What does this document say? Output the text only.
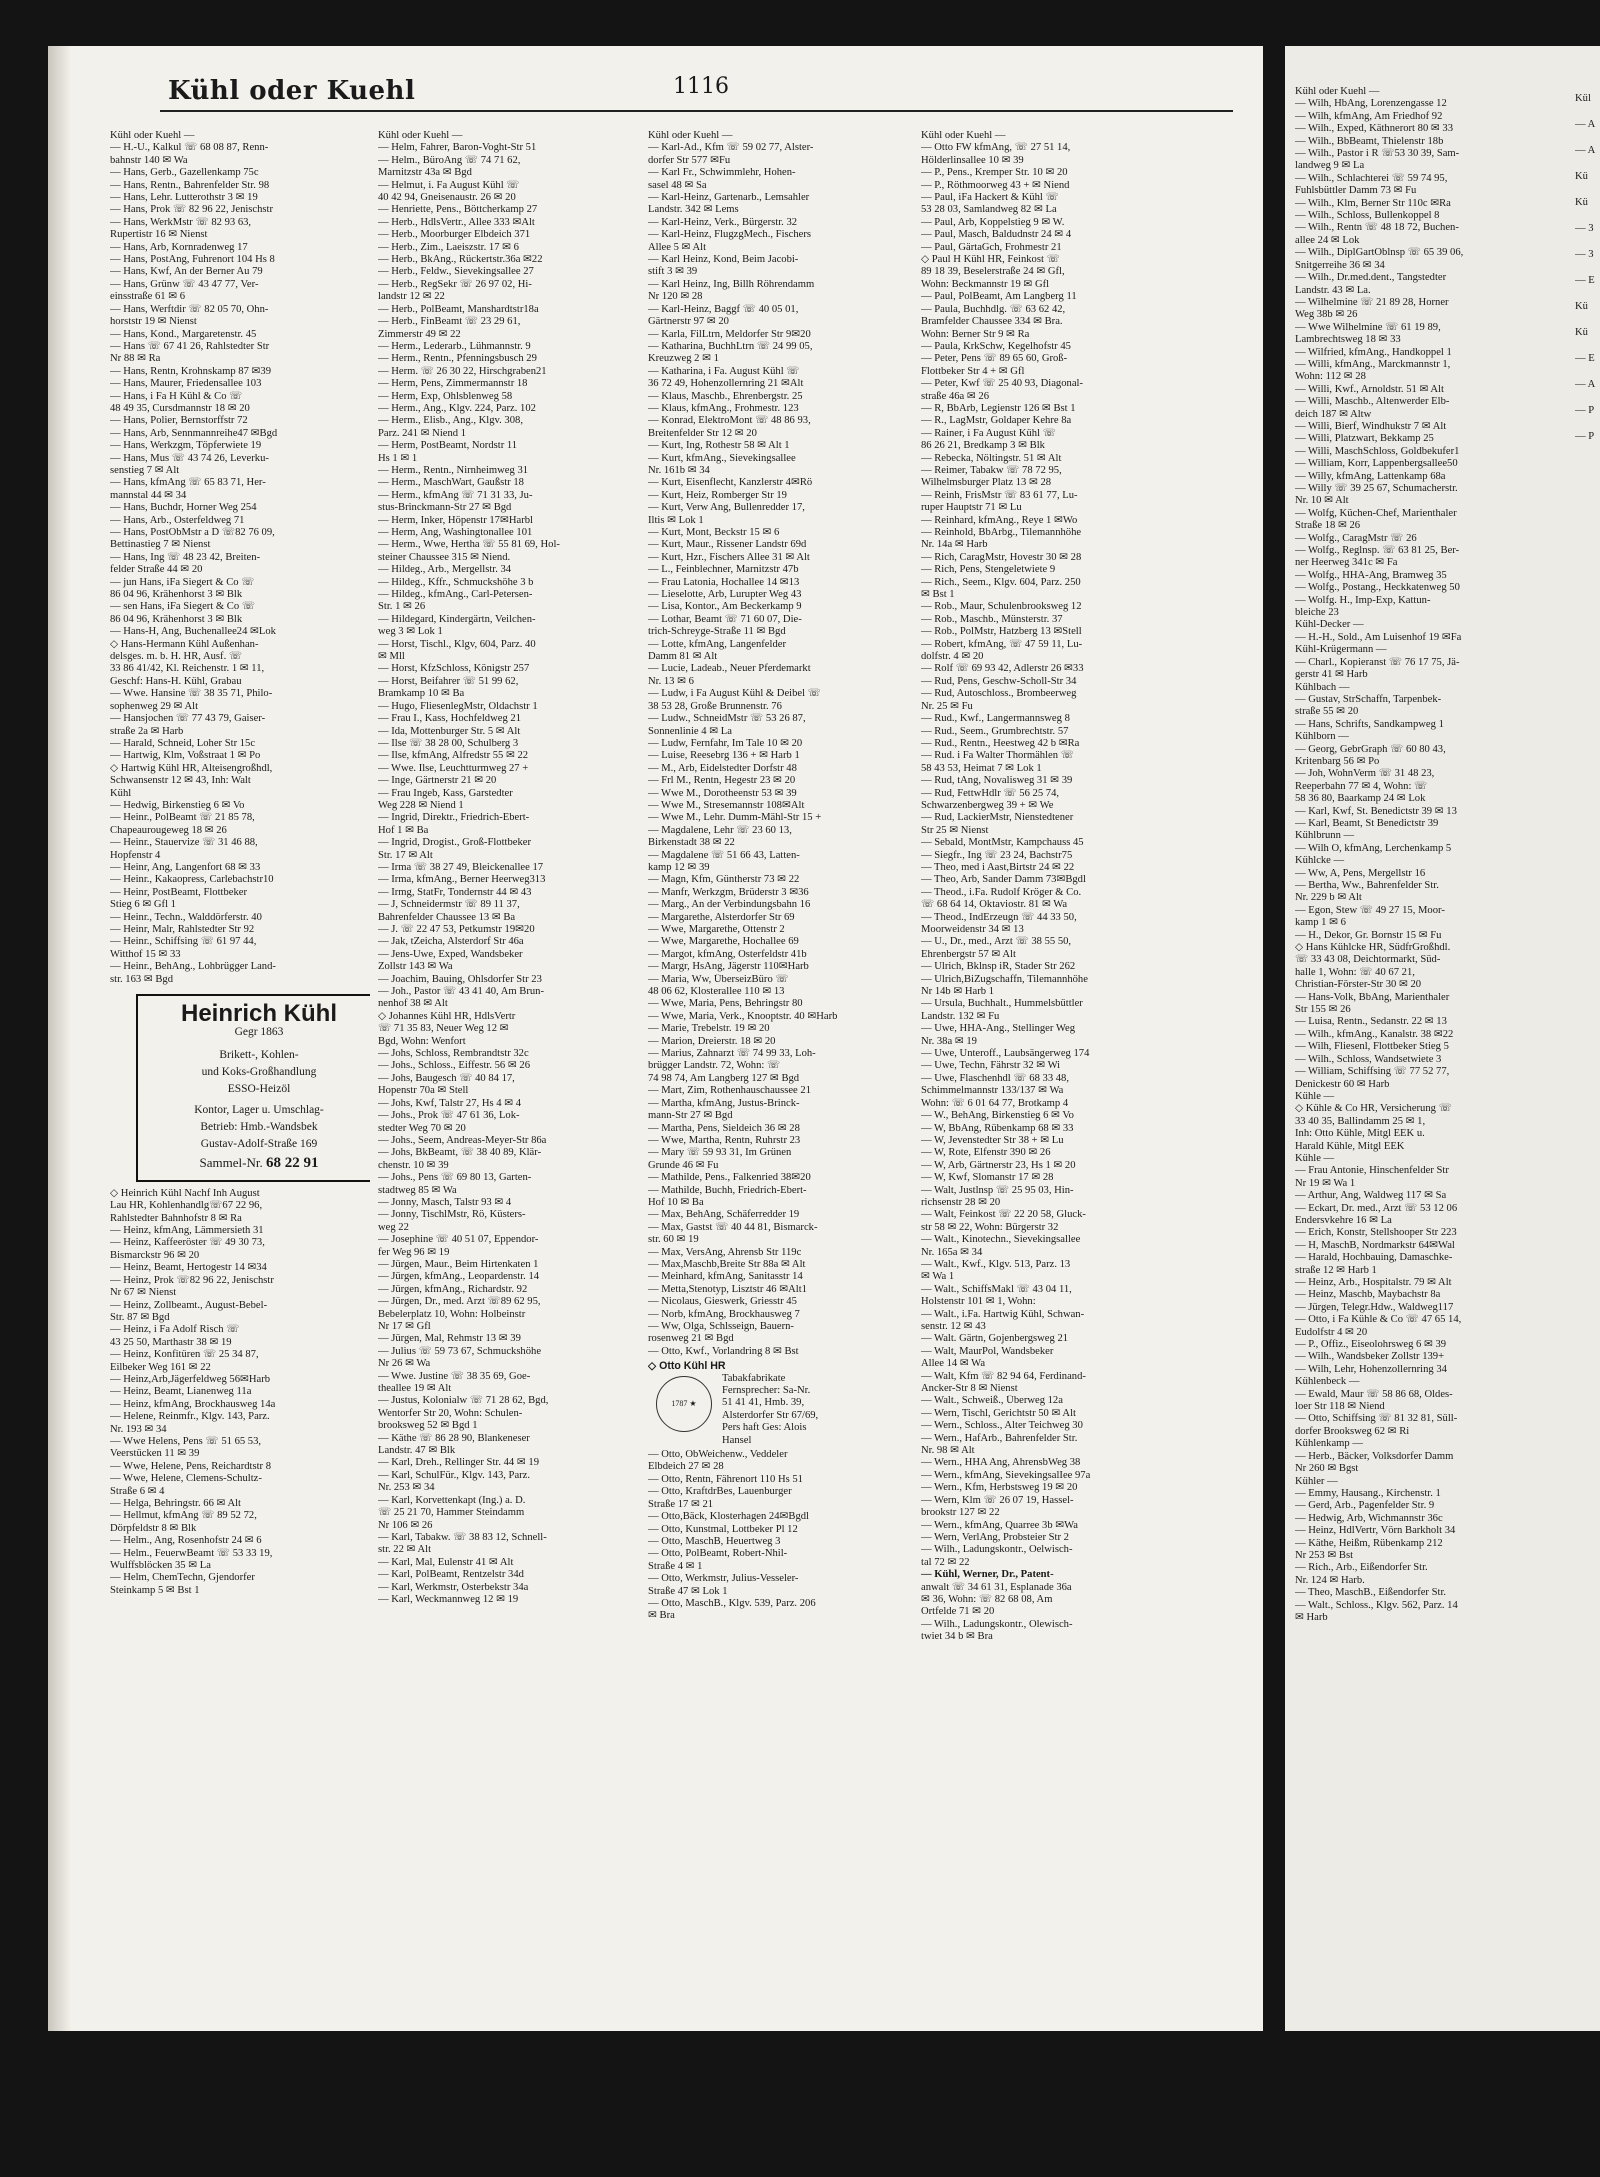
Kühl oder Kuehl	1116
Kühl oder Kuehl —
— H.-U., Kalkul ☏ 68 08 87, Renn-
bahnstr 140 ✉ Wa
— Hans, Gerb., Gazellenkamp 75c
— Hans, Rentn., Bahrenfelder Str. 98
— Hans, Lehr. Lutterothstr 3 ✉ 19
— Hans, Prok ☏ 82 96 22, Jenischstr
— Hans, WerkMstr ☏ 82 93 63,
Rupertistr 16 ✉ Nienst
— Hans, Arb, Kornradenweg 17
— Hans, PostAng, Fuhrenort 104 Hs 8
— Hans, Kwf, An der Berner Au 79
— Hans, Grünw ☏ 43 47 77, Ver-
einsstraße 61 ✉ 6
— Hans, Werftdir ☏ 82 05 70, Ohn-
horststr 19 ✉ Nienst
— Hans, Kond., Margaretenstr. 45
— Hans ☏ 67 41 26, Rahlstedter Str
Nr 88 ✉ Ra
— Hans, Rentn, Krohnskamp 87 ✉39
— Hans, Maurer, Friedensallee 103
— Hans, i Fa H Kühl & Co ☏
48 49 35, Cursdmannstr 18 ✉ 20
— Hans, Polier, Bernstorffstr 72
— Hans, Arb, Sennmannreihe47 ✉Bgd
— Hans, Werkzgm, Töpferwiete 19
— Hans, Mus ☏ 43 74 26, Leverku-
senstieg 7 ✉ Alt
— Hans, kfmAng ☏ 65 83 71, Her-
mannstal 44 ✉ 34
— Hans, Buchdr, Horner Weg 254
— Hans, Arb., Osterfeldweg 71
— Hans, PostObMstr a D ☏82 76 09,
Bettinastieg 7 ✉ Nienst
— Hans, Ing ☏ 48 23 42, Breiten-
felder Straße 44 ✉ 20
— jun Hans, iFa Siegert & Co ☏
86 04 96, Krähenhorst 3 ✉ Blk
— sen Hans, iFa Siegert & Co ☏
86 04 96, Krähenhorst 3 ✉ Blk
— Hans-H, Ang, Buchenallee24 ✉Lok
◇ Hans-Hermann Kühl Außenhan-
delsges. m. b. H. HR, Ausf. ☏
33 86 41/42, Kl. Reichenstr. 1 ✉ 11,
Geschf: Hans-H. Kühl, Grabau
— Wwe. Hansine ☏ 38 35 71, Philo-
sophenweg 29 ✉ Alt
— Hansjochen ☏ 77 43 79, Gaiser-
straße 2a ✉ Harb
— Harald, Schneid, Loher Str 15c
— Hartwig, Klm, Voßstraat 1 ✉ Po
◇ Hartwig Kühl HR, Alteisengroßhdl,
Schwansenstr 12 ✉ 43, Inh: Walt
Kühl
— Hedwig, Birkenstieg 6 ✉ Vo
— Heinr., PolBeamt ☏ 21 85 78,
Chapeaurougeweg 18 ✉ 26
— Heinr., Stauervize ☏ 31 46 88,
Hopfenstr 4
— Heinr, Ang, Langenfort 68 ✉ 33
— Heinr., Kakaopress, Carlebachstr10
— Heinr, PostBeamt, Flottbeker
Stieg 6 ✉ Gfl 1
— Heinr., Techn., Walddörferstr. 40
— Heinr, Malr, Rahlstedter Str 92
— Heinr., Schiffsing ☏ 61 97 44,
Witthof 15 ✉ 33
— Heinr., BehAng., Lohbrügger Land-
str. 163 ✉ Bgd
Heinrich Kühl
Gegr 1863
Brikett-, Kohlen-
und Koks-Großhandlung
ESSO-Heizöl
Kontor, Lager u. Umschlag-
Betrieb: Hmb.-Wandsbek
Gustav-Adolf-Straße 169
Sammel-Nr. 68 22 91
◇ Heinrich Kühl Nachf Inh August
Lau HR, Kohlenhandlg☏67 22 96,
Rahlstedter Bahnhofstr 8 ✉ Ra
— Heinz, kfmAng, Lämmersieth 31
— Heinz, Kaffeeröster ☏ 49 30 73,
Bismarckstr 96 ✉ 20
— Heinz, Beamt, Hertogestr 14 ✉34
— Heinz, Prok ☏82 96 22, Jenischstr
Nr 67 ✉ Nienst
— Heinz, Zollbeamt., August-Bebel-
Str. 87 ✉ Bgd
— Heinz, i Fa Adolf Risch ☏
43 25 50, Marthastr 38 ✉ 19
— Heinz, Konfitüren ☏ 25 34 87,
Eilbeker Weg 161 ✉ 22
— Heinz,Arb,Jägerfeldweg 56✉Harb
— Heinz, Beamt, Lianenweg 11a
— Heinz, kfmAng, Brockhausweg 14a
— Helene, Reinmfr., Klgv. 143, Parz.
Nr. 193 ✉ 34
— Wwe Helens, Pens ☏ 51 65 53,
Veerstücken 11 ✉ 39
— Wwe, Helene, Pens, Reichardtstr 8
— Wwe, Helene, Clemens-Schultz-
Straße 6 ✉ 4
— Helga, Behringstr. 66 ✉ Alt
— Hellmut, kfmAng ☏ 89 52 72,
Dörpfeldstr 8 ✉ Blk
— Helm., Ang, Rosenhofstr 24 ✉ 6
— Helm., FeuerwBeamt ☏ 53 33 19,
Wulffsblöcken 35 ✉ La
— Helm, ChemTechn, Gjendorfer
Steinkamp 5 ✉ Bst 1
Kühl oder Kuehl —
— Helm, Fahrer, Baron-Voght-Str 51
— Helm., BüroAng ☏ 74 71 62,
Marnitzstr 43a ✉ Bgd
— Helmut, i. Fa August Kühl ☏
40 42 94, Gneisenaustr. 26 ✉ 20
— Henriette, Pens., Böttcherkamp 27
— Herb., HdlsVertr., Allee 333 ✉Alt
— Herb., Moorburger Elbdeich 371
— Herb., Zim., Laeiszstr. 17 ✉ 6
— Herb., BkAng., Rückertstr.36a ✉22
— Herb., Feldw., Sievekingsallee 27
— Herb., RegSekr ☏ 26 97 02, Hi-
landstr 12 ✉ 22
— Herb., PolBeamt, Manshardtstr18a
— Herb., FinBeamt ☏ 23 29 61,
Zimmerstr 49 ✉ 22
— Herm., Lederarb., Lühmannstr. 9
— Herm., Rentn., Pfenningsbusch 29
— Herm. ☏ 26 30 22, Hirschgraben21
— Herm, Pens, Zimmermannstr 18
— Herm, Exp, Ohlsblenweg 58
— Herm., Ang., Klgv. 224, Parz. 102
— Herm., Elisb., Ang., Klgv. 308,
Parz. 241 ✉ Niend 1
— Herm, PostBeamt, Nordstr 11
Hs 1 ✉ 1
— Herm., Rentn., Nirnheimweg 31
— Herm., MaschWart, Gaußstr 18
— Herm., kfmAng ☏ 71 31 33, Ju-
stus-Brinckmann-Str 27 ✉ Bgd
— Herm, Inker, Höpenstr 17✉Harbl
— Herm, Ang, Washingtonallee 101
— Herm., Wwe, Hertha ☏ 55 81 69, Hol-
steiner Chaussee 315 ✉ Niend.
— Hildeg., Arb., Mergellstr. 34
— Hildeg., Kffr., Schmuckshöhe 3 b
— Hildeg., kfmAng., Carl-Petersen-
Str. 1 ✉ 26
— Hildegard, Kindergärtn, Veilchen-
weg 3 ✉ Lok 1
— Horst, Tischl., Klgv, 604, Parz. 40
✉ Mll
— Horst, KfzSchloss, Königstr 257
— Horst, Beifahrer ☏ 51 99 62,
Bramkamp 10 ✉ Ba
— Hugo, FliesenlegMstr, Oldachstr 1
— Frau I., Kass, Hochfeldweg 21
— Ida, Mottenburger Str. 5 ✉ Alt
— Ilse ☏ 38 28 00, Schulberg 3
— Ilse, kfmAng, Alfredstr 55 ✉ 22
— Wwe. Ilse, Leuchtturmweg 27 +
— Inge, Gärtnerstr 21 ✉ 20
— Frau Ingeb, Kass, Garstedter
Weg 228 ✉ Niend 1
— Ingrid, Direktr., Friedrich-Ebert-
Hof 1 ✉ Ba
— Ingrid, Drogist., Groß-Flottbeker
Str. 17 ✉ Alt
— Irma ☏ 38 27 49, Bleickenallee 17
— Irma, kfmAng., Berner Heerweg313
— Irmg, StatFr, Tondernstr 44 ✉ 43
— J, Schneidermstr ☏ 89 11 37,
Bahrenfelder Chaussee 13 ✉ Ba
— J. ☏ 22 47 53, Petkumstr 19✉20
— Jak, tZeicha, Alsterdorf Str 46a
— Jens-Uwe, Exped, Wandsbeker
Zollstr 143 ✉ Wa
— Joachim, Bauing, Ohlsdorfer Str 23
— Joh., Pastor ☏ 43 41 40, Am Brun-
nenhof 38 ✉ Alt
◇ Johannes Kühl HR, HdlsVertr
☏ 71 35 83, Neuer Weg 12 ✉
Bgd, Wohn: Wenfort
— Johs, Schloss, Rembrandtstr 32c
— Johs., Schloss., Eiffestr. 56 ✉ 26
— Johs, Baugesch ☏ 40 84 17,
Hopenstr 70a ✉ Stell
— Johs, Kwf, Talstr 27, Hs 4 ✉ 4
— Johs., Prok ☏ 47 61 36, Lok-
stedter Weg 70 ✉ 20
— Johs., Seem, Andreas-Meyer-Str 86a
— Johs, BkBeamt, ☏ 38 40 89, Klär-
chenstr. 10 ✉ 39
— Johs., Pens ☏ 69 80 13, Garten-
stadtweg 85 ✉ Wa
— Jonny, Masch, Talstr 93 ✉ 4
— Jonny, TischlMstr, Rö, Küsters-
weg 22
— Josephine ☏ 40 51 07, Eppendor-
fer Weg 96 ✉ 19
— Jürgen, Maur., Beim Hirtenkaten 1
— Jürgen, kfmAng., Leopardenstr. 14
— Jürgen, kfmAng., Richardstr. 92
— Jürgen, Dr., med. Arzt ☏89 62 95,
Bebelerplatz 10, Wohn: Holbeinstr
Nr 17 ✉ Gfl
— Jürgen, Mal, Rehmstr 13 ✉ 39
— Julius ☏ 59 73 67, Schmuckshöhe
Nr 26 ✉ Wa
— Wwe. Justine ☏ 38 35 69, Goe-
theallee 19 ✉ Alt
— Justus, Kolonialw ☏ 71 28 62, Bgd,
Wentorfer Str 20, Wohn: Schulen-
brooksweg 52 ✉ Bgd 1
— Käthe ☏ 86 28 90, Blankeneser
Landstr. 47 ✉ Blk
— Karl, Dreh., Rellinger Str. 44 ✉ 19
— Karl, SchulFür., Klgv. 143, Parz.
Nr. 253 ✉ 34
— Karl, Korvettenkapt (Ing.) a. D.
☏ 25 21 70, Hammer Steindamm
Nr 106 ✉ 26
— Karl, Tabakw. ☏ 38 83 12, Schnell-
str. 22 ✉ Alt
— Karl, Mal, Eulenstr 41 ✉ Alt
— Karl, PolBeamt, Rentzelstr 34d
— Karl, Werkmstr, Osterbekstr 34a
— Karl, Weckmannweg 12 ✉ 19
Kühl oder Kuehl —
— Karl-Ad., Kfm ☏ 59 02 77, Alster-
dorfer Str 577 ✉Fu
— Karl Fr., Schwimmlehr, Hohen-
sasel 48 ✉ Sa
— Karl-Heinz, Gartenarb., Lemsahler
Landstr. 342 ✉ Lems
— Karl-Heinz, Verk., Bürgerstr. 32
— Karl-Heinz, FlugzgMech., Fischers
Allee 5 ✉ Alt
— Karl Heinz, Kond, Beim Jacobi-
stift 3 ✉ 39
— Karl Heinz, Ing, Billh Röhrendamm
Nr 120 ✉ 28
— Karl-Heinz, Baggf ☏ 40 05 01,
Gärtnerstr 97 ✉ 20
— Karla, FilLtrn, Meldorfer Str 9✉20
— Katharina, BuchhLtrn ☏ 24 99 05,
Kreuzweg 2 ✉ 1
— Katharina, i Fa. August Kühl ☏
36 72 49, Hohenzollernring 21 ✉Alt
— Klaus, Maschb., Ehrenbergstr. 25
— Klaus, kfmAng., Frohmestr. 123
— Konrad, ElektroMont ☏ 48 86 93,
Breitenfelder Str 12 ✉ 20
— Kurt, Ing, Rothestr 58 ✉ Alt 1
— Kurt, kfmAng., Sievekingsallee
Nr. 161b ✉ 34
— Kurt, Eisenflecht, Kanzlerstr 4✉Rö
— Kurt, Heiz, Romberger Str 19
— Kurt, Verw Ang, Bullenredder 17,
Iltis ✉ Lok 1
— Kurt, Mont, Beckstr 15 ✉ 6
— Kurt, Maur., Rissener Landstr 69d
— Kurt, Hzr., Fischers Allee 31 ✉ Alt
— L., Feinblechner, Marnitzstr 47b
— Frau Latonia, Hochallee 14 ✉13
— Lieselotte, Arb, Lurupter Weg 43
— Lisa, Kontor., Am Beckerkamp 9
— Lothar, Beamt ☏ 71 60 07, Die-
trich-Schreyge-Straße 11 ✉ Bgd
— Lotte, kfmAng, Langenfelder
Damm 81 ✉ Alt
— Lucie, Ladeab., Neuer Pferdemarkt
Nr. 13 ✉ 6
— Ludw, i Fa August Kühl & Deibel ☏
38 53 28, Große Brunnenstr. 76
— Ludw., SchneidMstr ☏ 53 26 87,
Sonnenlinie 4 ✉ La
— Ludw, Fernfahr, Im Tale 10 ✉ 20
— Luise, Reesebrg 136 + ✉ Harb 1
— M., Arb, Eidelstedter Dorfstr 48
— Frl M., Rentn, Hegestr 23 ✉ 20
— Wwe M., Dorotheenstr 53 ✉ 39
— Wwe M., Stresemannstr 108✉Alt
— Wwe M., Lehr. Dumm-Mähl-Str 15 +
— Magdalene, Lehr ☏ 23 60 13,
Birkenstadt 38 ✉ 22
— Magdalene ☏ 51 66 43, Latten-
kamp 12 ✉ 39
— Magn, Kfm, Güntherstr 73 ✉ 22
— Manfr, Werkzgm, Brüderstr 3 ✉36
— Marg., An der Verbindungsbahn 16
— Margarethe, Alsterdorfer Str 69
— Wwe, Margarethe, Ottenstr 2
— Wwe, Margarethe, Hochallee 69
— Margot, kfmAng, Osterfeldstr 41b
— Margr, HsAng, Jägerstr 110✉Harb
— Maria, Ww, ÜberseizBüro ☏
48 06 62, Klosterallee 110 ✉ 13
— Wwe, Maria, Pens, Behringstr 80
— Wwe, Maria, Verk., Knooptstr. 40 ✉Harb
— Marie, Trebelstr. 19 ✉ 20
— Marion, Dreierstr. 18 ✉ 20
— Marius, Zahnarzt ☏ 74 99 33, Loh-
brügger Landstr. 72, Wohn: ☏
74 98 74, Am Langberg 127 ✉ Bgd
— Mart, Zim, Rothenhauschaussee 21
— Martha, kfmAng, Justus-Brinck-
mann-Str 27 ✉ Bgd
— Martha, Pens, Sieldeich 36 ✉ 28
— Wwe, Martha, Rentn, Ruhrstr 23
— Mary ☏ 59 93 31, Im Grünen
Grunde 46 ✉ Fu
— Mathilde, Pens., Falkenried 38✉20
— Mathilde, Buchh, Friedrich-Ebert-
Hof 10 ✉ Ba
— Max, BehAng, Schäferredder 19
— Max, Gastst ☏ 40 44 81, Bismarck-
str. 60 ✉ 19
— Max, VersAng, Ahrensb Str 119c
— Max,Maschb,Breite Str 88a ✉ Alt
— Meinhard, kfmAng, Sanitasstr 14
— Metta,Stenotyp, Lisztstr 46 ✉Alt1
— Nicolaus, Gieswerk, Griesstr 45
— Norb, kfmAng, Brockhausweg 7
— Ww, Olga, Schlsseign, Bauern-
rosenweg 21 ✉ Bgd
— Otto, Kwf., Vorlandring 8 ✉ Bst
◇ Otto Kühl HR
1787 ★
Tabakfabrikate
Fernsprecher: Sa-Nr.
51 41 41, Hmb. 39,
Alsterdorfer Str 67/69,
Pers haft Ges: Alois
Hansel
— Otto, ObWeichenw., Veddeler
Elbdeich 27 ✉ 28
— Otto, Rentn, Fährenort 110 Hs 51
— Otto, KraftdrBes, Lauenburger
Straße 17 ✉ 21
— Otto,Bäck, Klosterhagen 24✉Bgdl
— Otto, Kunstmal, Lottbeker Pl 12
— Otto, MaschB, Heuertweg 3
— Otto, PolBeamt, Robert-Nhil-
Straße 4 ✉ 1
— Otto, Werkmstr, Julius-Vesseler-
Straße 47 ✉ Lok 1
— Otto, MaschB., Klgv. 539, Parz. 206
✉ Bra
Kühl oder Kuehl —
— Otto FW kfmAng, ☏ 27 51 14,
Hölderlinsallee 10 ✉ 39
— P., Pens., Kremper Str. 10 ✉ 20
— P., Röthmoorweg 43 + ✉ Niend
— Paul, iFa Hackert & Kühl ☏
53 28 03, Samlandweg 82 ✉ La
— Paul, Arb, Koppelstieg 9 ✉ W.
— Paul, Masch, Baldudnstr 24 ✉ 4
— Paul, GärtaGch, Frohmestr 21
◇ Paul H Kühl HR, Feinkost ☏
89 18 39, Beselerstraße 24 ✉ Gfl,
Wohn: Beckmannstr 19 ✉ Gfl
— Paul, PolBeamt, Am Langberg 11
— Paula, Buchhdlg. ☏ 63 62 42,
Bramfelder Chaussee 334 ✉ Bra.
Wohn: Berner Str 9 ✉ Ra
— Paula, KrkSchw, Kegelhofstr 45
— Peter, Pens ☏ 89 65 60, Groß-
Flottbeker Str 4 + ✉ Gfl
— Peter, Kwf ☏ 25 40 93, Diagonal-
straße 46a ✉ 26
— R, BbArb, Legienstr 126 ✉ Bst 1
— R., LagMstr, Goldaper Kehre 8a
— Rainer, i Fa August Kühl ☏
86 26 21, Bredkamp 3 ✉ Blk
— Rebecka, Nöltingstr. 51 ✉ Alt
— Reimer, Tabakw ☏ 78 72 95,
Wilhelmsburger Platz 13 ✉ 28
— Reinh, FrisMstr ☏ 83 61 77, Lu-
ruper Hauptstr 71 ✉ Lu
— Reinhard, kfmAng., Reye 1 ✉Wo
— Reinhold, BbArbg., Tilemannhöhe
Nr. 14a ✉ Harb
— Rich, CaragMstr, Hovestr 30 ✉ 28
— Rich, Pens, Stengeletwiete 9
— Rich., Seem., Klgv. 604, Parz. 250
✉ Bst 1
— Rob., Maur, Schulenbrooksweg 12
— Rob., Maschb., Münsterstr. 37
— Rob., PolMstr, Hatzberg 13 ✉Stell
— Robert, kfmAng, ☏ 47 59 11, Lu-
dolfstr. 4 ✉ 20
— Rolf ☏ 69 93 42, Adlerstr 26 ✉33
— Rud, Pens, Geschw-Scholl-Str 34
— Rud, Autoschloss., Brombeerweg
Nr. 25 ✉ Fu
— Rud., Kwf., Langermannsweg 8
— Rud., Seem., Grumbrechtstr. 57
— Rud., Rentn., Heestweg 42 b ✉Ra
— Rud. i Fa Walter Thormählen ☏
58 43 53, Heimat 7 ✉ Lok 1
— Rud, tAng, Novalisweg 31 ✉ 39
— Rud, FettwHdlr ☏ 56 25 74,
Schwarzenbergweg 39 + ✉ We
— Rud, LackierMstr, Nienstedtener
Str 25 ✉ Nienst
— Sebald, MontMstr, Kampchauss 45
— Siegfr., Ing ☏ 23 24, Bachstr75
— Theo, med i Aast,Birtstr 24 ✉ 22
— Theo, Arb, Sander Damm 73✉Bgdl
— Theod., i.Fa. Rudolf Kröger & Co.
☏ 68 64 14, Oktaviostr. 81 ✉ Wa
— Theod., IndErzeugn ☏ 44 33 50,
Moorweidenstr 34 ✉ 13
— U., Dr., med., Arzt ☏ 38 55 50,
Ehrenbergstr 57 ✉ Alt
— Ulrich, Bklnsp iR, Stader Str 262
— Ulrich,BiZugschaffn, Tilemannhöhe
Nr 14b ✉ Harb 1
— Ursula, Buchhalt., Hummelsbüttler
Landstr. 132 ✉ Fu
— Uwe, HHA-Ang., Stellinger Weg
Nr. 38a ✉ 19
— Uwe, Unteroff., Laubsängerweg 174
— Uwe, Techn, Fährstr 32 ✉ Wi
— Uwe, Flaschenhdl ☏ 68 33 48,
Schimmelmannstr 133/137 ✉ Wa
Wohn: ☏ 6 01 64 77, Brotkamp 4
— W., BehAng, Birkenstieg 6 ✉ Vo
— W, BbAng, Rübenkamp 68 ✉ 33
— W, Jevenstedter Str 38 + ✉ Lu
— W, Rote, Elfenstr 390 ✉ 26
— W, Arb, Gärtnerstr 23, Hs 1 ✉ 20
— W, Kwf, Slomanstr 17 ✉ 28
— Walt, Justlnsp ☏ 25 95 03, Hin-
richsenstr 28 ✉ 20
— Walt, Feinkost ☏ 22 20 58, Gluck-
str 58 ✉ 22, Wohn: Bürgerstr 32
— Walt., Kinotechn., Sievekingsallee
Nr. 165a ✉ 34
— Walt., Kwf., Klgv. 513, Parz. 13
✉ Wa 1
— Walt., SchiffsMakl ☏ 43 04 11,
Holstenstr 101 ✉ 1, Wohn:
— Walt., i.Fa. Hartwig Kühl, Schwan-
senstr. 12 ✉ 43
— Walt. Gärtn, Gojenbergsweg 21
— Walt, MaurPol, Wandsbeker
Allee 14 ✉ Wa
— Walt, Kfm ☏ 82 94 64, Ferdinand-
Ancker-Str 8 ✉ Nienst
— Walt., Schweiß., Überweg 12a
— Wern, Tischl, Gerichtstr 50 ✉ Alt
— Wern., Schloss., Alter Teichweg 30
— Wern., HafArb., Bahrenfelder Str.
Nr. 98 ✉ Alt
— Wern., HHA Ang, AhrensbWeg 38
— Wern., kfmAng, SievekingsalIee 97a
— Wern., Kfm, Herbstsweg 19 ✉ 20
— Wern, Klm ☏ 26 07 19, Hassel-
brookstr 127 ✉ 22
— Wern., kfmAng, Quarree 3b ✉Wa
— Wern, VerlAng, Probsteier Str 2
— Wilh., Ladungskontr., Oelwisch-
tal 72 ✉ 22
— Kühl, Werner, Dr., Patent-
anwalt ☏ 34 61 31, Esplanade 36a
✉ 36, Wohn: ☏ 82 68 08, Am
Ortfelde 71 ✉ 20
— Wilh., Ladungskontr., Olewisch-
twiet 34 b ✉ Bra
Kühl oder Kuehl —
— Wilh, HbAng, Lorenzengasse 12
— Wilh, kfmAng, Am Friedhof 92
— Wilh., Exped, Käthnerort 80 ✉ 33
— Wilh., BbBeamt, Thielenstr 18b
— Wilh., Pastor i R ☏53 30 39, Sam-
landweg 9 ✉ La
— Wilh., Schlachterei ☏ 59 74 95,
Fuhlsbüttler Damm 73 ✉ Fu
— Wilh., Klm, Berner Str 110c ✉Ra
— Wilh., Schloss, Bullenkoppel 8
— Wilh., Rentn ☏ 48 18 72, Buchen-
allee 24 ✉ Lok
— Wilh., DiplGartOblnsp ☏ 65 39 06,
Snitgerreihe 36 ✉ 34
— Wilh., Dr.med.dent., Tangstedter
Landstr. 43 ✉ La.
— Wilhelmine ☏ 21 89 28, Horner
Weg 38b ✉ 26
— Wwe Wilhelmine ☏ 61 19 89,
Lambrechtsweg 18 ✉ 33
— Wilfried, kfmAng., Handkoppel 1
— Willi, kfmAng., Marckmannstr 1,
Wohn: 112 ✉ 28
— Willi, Kwf., Arnoldstr. 51 ✉ Alt
— Willi, Maschb., Altenwerder Elb-
deich 187 ✉ Altw
— Willi, Bierf, Windhukstr 7 ✉ Alt
— Willi, Platzwart, Bekkamp 25
— Willi, MaschSchloss, Goldbekufer1
— William, Korr, Lappenbergsallee50
— Willy, kfmAng, Lattenkamp 68a
— Willy ☏ 39 25 67, Schumacherstr.
Nr. 10 ✉ Alt
— Wolfg, Küchen-Chef, Marienthaler
Straße 18 ✉ 26
— Wolfg., CaragMstr ☏ 26
— Wolfg., Reglnsp. ☏ 63 81 25, Ber-
ner Heerweg 341c ✉ Fa
— Wolfg., HHA-Ang, Bramweg 35
— Wolfg., Postang., Heckkatenweg 50
— Wolfg. H., Imp-Exp, Kattun-
bleiche 23
Kühl-Decker —
— H.-H., Sold., Am Luisenhof 19 ✉Fa
Kühl-Krügermann —
— Charl., Kopieranst ☏ 76 17 75, Jä-
gerstr 41 ✉ Harb
Kühlbach —
— Gustav, StrSchaffn, Tarpenbek-
straße 55 ✉ 20
— Hans, Schrifts, Sandkampweg 1
Kühlborn —
— Georg, GebrGraph ☏ 60 80 43,
Kritenbarg 56 ✉ Po
— Joh, WohnVerm ☏ 31 48 23,
Reeperbahn 77 ✉ 4, Wohn: ☏
58 36 80, Baarkamp 24 ✉ Lok
— Karl, Kwf, St. Benedictstr 39 ✉ 13
— Karl, Beamt, St Benedictstr 39
Kühlbrunn —
— Wilh O, kfmAng, Lerchenkamp 5
Kühlcke —
— Ww, A, Pens, Mergellstr 16
— Bertha, Ww., Bahrenfelder Str.
Nr. 229 b ✉ Alt
— Egon, Stew ☏ 49 27 15, Moor-
kamp 1 ✉ 6
— H., Dekor, Gr. Bornstr 15 ✉ Fu
◇ Hans Kühlcke HR, SüdfrGroßhdl.
☏ 33 43 08, Deichtormarkt, Süd-
halle 1, Wohn: ☏ 40 67 21,
Christian-Förster-Str 30 ✉ 20
— Hans-Volk, BbAng, Marienthaler
Str 155 ✉ 26
— Luisa, Rentn., Sedanstr. 22 ✉ 13
— Wilh., kfmAng., Kanalstr. 38 ✉22
— Wilh, Fliesenl, Flottbeker Stieg 5
— Wilh., Schloss, Wandsetwiete 3
— William, Schiffsing ☏ 77 52 77,
Denickestr 60 ✉ Harb
Kühle —
◇ Kühle & Co HR, Versicherung ☏
33 40 35, Ballindamm 25 ✉ 1,
Inh: Otto Kühle, Mitgl EEK u.
Harald Kühle, Mitgl EEK
Kühle —
— Frau Antonie, Hinschenfelder Str
Nr 19 ✉ Wa 1
— Arthur, Ang, Waldweg 117 ✉ Sa
— Eckart, Dr. med., Arzt ☏ 53 12 06
Endersvkehre 16 ✉ La
— Erich, Konstr, Stellshooper Str 223
— H, MaschB, Nordmarkstr 64✉Wal
— Harald, Hochbauing, Damaschke-
straße 12 ✉ Harb 1
— Heinz, Arb., Hospitalstr. 79 ✉ Alt
— Heinz, Maschb, Maybachstr 8a
— Jürgen, Telegr.Hdw., Waldweg117
— Otto, i Fa Kühle & Co ☏ 47 65 14,
Eudolfstr 4 ✉ 20
— P., Offiz., Eiseolohrsweg 6 ✉ 39
— Wilh., Wandsbeker Zollstr 139+
— Wilh, Lehr, Hohenzollernring 34
Kühlenbeck —
— Ewald, Maur ☏ 58 86 68, Oldes-
loer Str 118 ✉ Niend
— Otto, Schiffsing ☏ 81 32 81, Süll-
dorfer Brooksweg 62 ✉ Ri
Kühlenkamp —
— Herb., Bäcker, Volksdorfer Damm
Nr 260 ✉ Bgst
Kühler —
— Emmy, Hausang., Kirchenstr. 1
— Gerd, Arb., Pagenfelder Str. 9
— Hedwig, Arb, Wichmannstr 36c
— Heinz, HdlVertr, Vörn Barkholt 34
— Käthe, Heißm, Rübenkamp 212
Nr 253 ✉ Bst
— Rich., Arb., Eißendorfer Str.
Nr. 124 ✉ Harb.
— Theo, MaschB., Eißendorfer Str.
— Walt., Schloss., Klgv. 562, Parz. 14
✉ Harb
Kül
— A
— A
Kü
Kü
— 3
— 3
— E
Kü
Kü
— E
— A
— P
— P
